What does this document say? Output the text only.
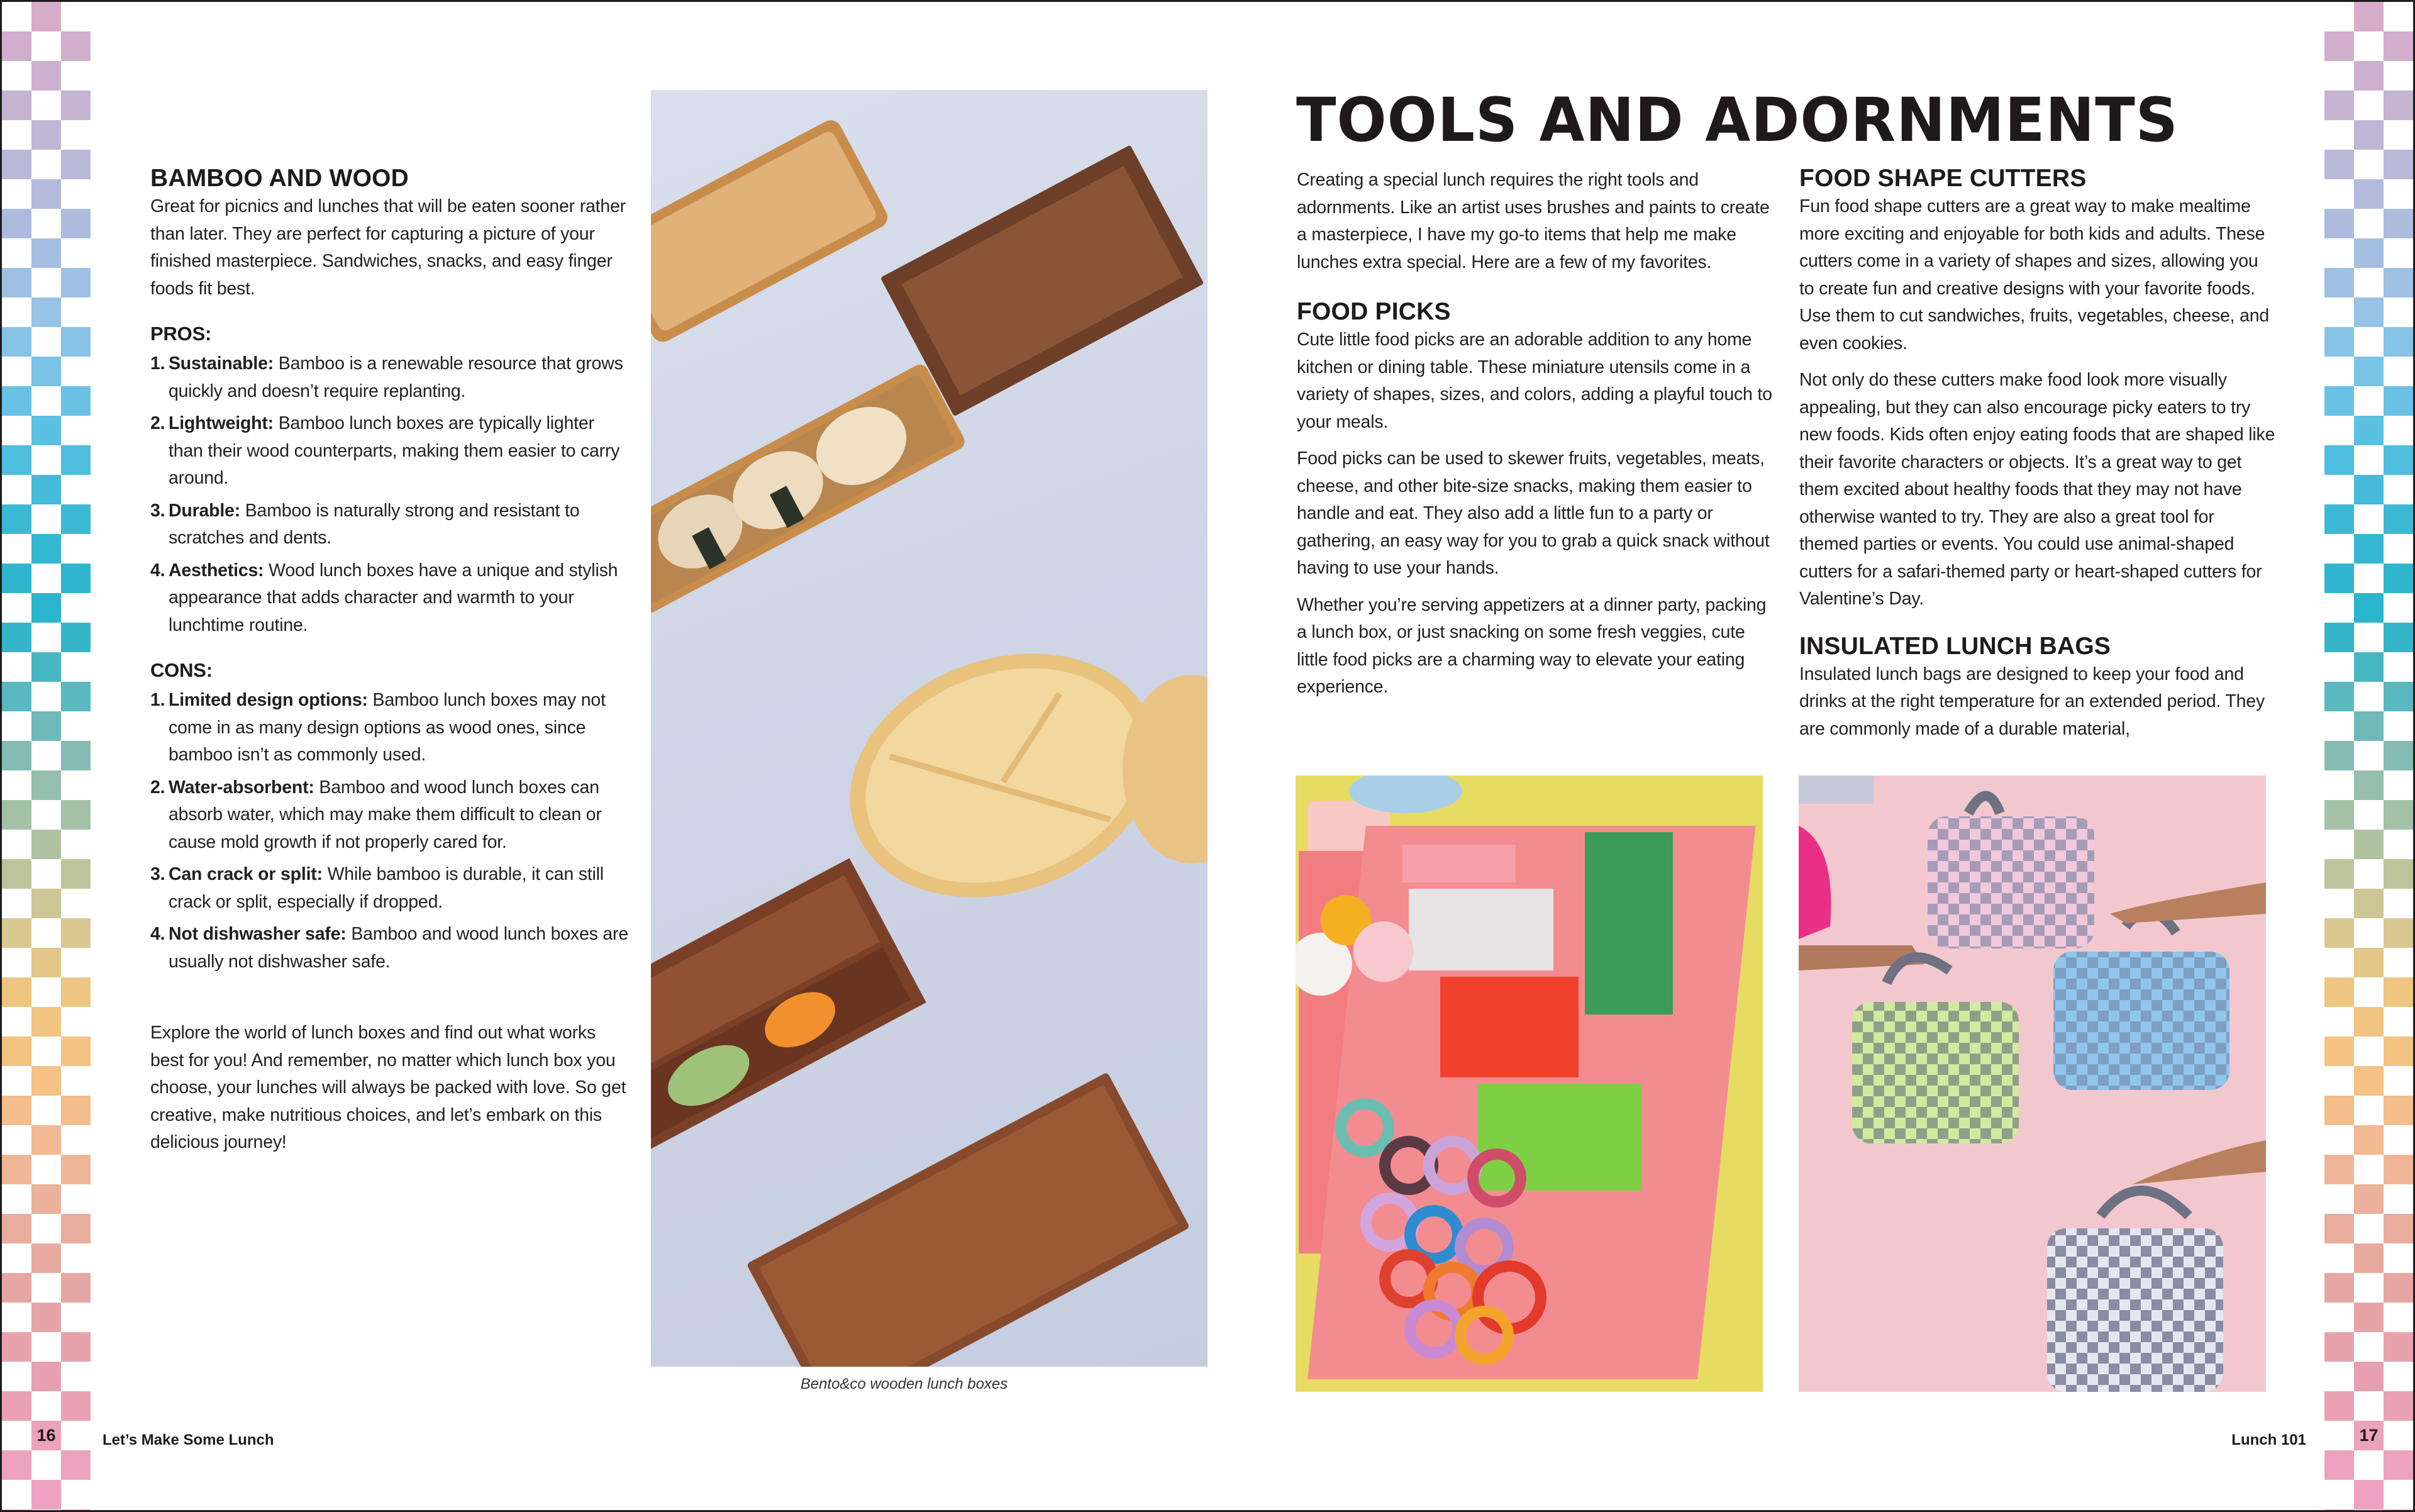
16	17
BAMBOO AND WOOD

Great for picnics and lunches that will be eaten sooner rather than later. They are perfect for capturing a picture of your finished masterpiece. Sandwiches, snacks, and easy finger foods fit best.

PROS:
1. Sustainable: Bamboo is a renewable resource that grows quickly and doesn’t require replanting.
2. Lightweight: Bamboo lunch boxes are typically lighter than their wood counterparts, making them easier to carry around.
3. Durable: Bamboo is naturally strong and resistant to scratches and dents.
4. Aesthetics: Wood lunch boxes have a unique and stylish appearance that adds character and warmth to your lunchtime routine.
CONS:
1. Limited design options: Bamboo lunch boxes may not come in as many design options as wood ones, since bamboo isn’t as commonly used.
2. Water-absorbent: Bamboo and wood lunch boxes can absorb water, which may make them difficult to clean or cause mold growth if not properly cared for.
3. Can crack or split: While bamboo is durable, it can still crack or split, especially if dropped.
4. Not dishwasher safe: Bamboo and wood lunch boxes are usually not dishwasher safe.

Explore the world of lunch boxes and find out what works best for you! And remember, no matter which lunch box you choose, your lunches will always be packed with love. So get creative, make nutritious choices, and let’s embark on this delicious journey!

Bento&co wooden lunch boxes
TOOLS AND ADORNMENTS

Creating a special lunch requires the right tools and adornments. Like an artist uses brushes and paints to create a masterpiece, I have my go-to items that help me make lunches extra special. Here are a few of my favorites.

FOOD PICKS

Cute little food picks are an adorable addition to any home kitchen or dining table. These miniature utensils come in a variety of shapes, sizes, and colors, adding a playful touch to your meals.

Food picks can be used to skewer fruits, vegetables, meats, cheese, and other bite-size snacks, making them easier to handle and eat. They also add a little fun to a party or gathering, an easy way for you to grab a quick snack without having to use your hands.

Whether you’re serving appetizers at a dinner party, packing a lunch box, or just snacking on some fresh veggies, cute little food picks are a charming way to elevate your eating experience.

FOOD SHAPE CUTTERS

Fun food shape cutters are a great way to make mealtime more exciting and enjoyable for both kids and adults. These cutters come in a variety of shapes and sizes, allowing you to create fun and creative designs with your favorite foods. Use them to cut sandwiches, fruits, vegetables, cheese, and even cookies.

Not only do these cutters make food look more visually appealing, but they can also encourage picky eaters to try new foods. Kids often enjoy eating foods that are shaped like their favorite characters or objects. It’s a great way to get them excited about healthy foods that they may not have otherwise wanted to try. They are also a great tool for themed parties or events. You could use animal-shaped cutters for a safari-themed party or heart-shaped cutters for Valentine’s Day.

INSULATED LUNCH BAGS

Insulated lunch bags are designed to keep your food and drinks at the right temperature for an extended period. They are commonly made of a durable material,

Let’s Make Some Lunch	Lunch 101
